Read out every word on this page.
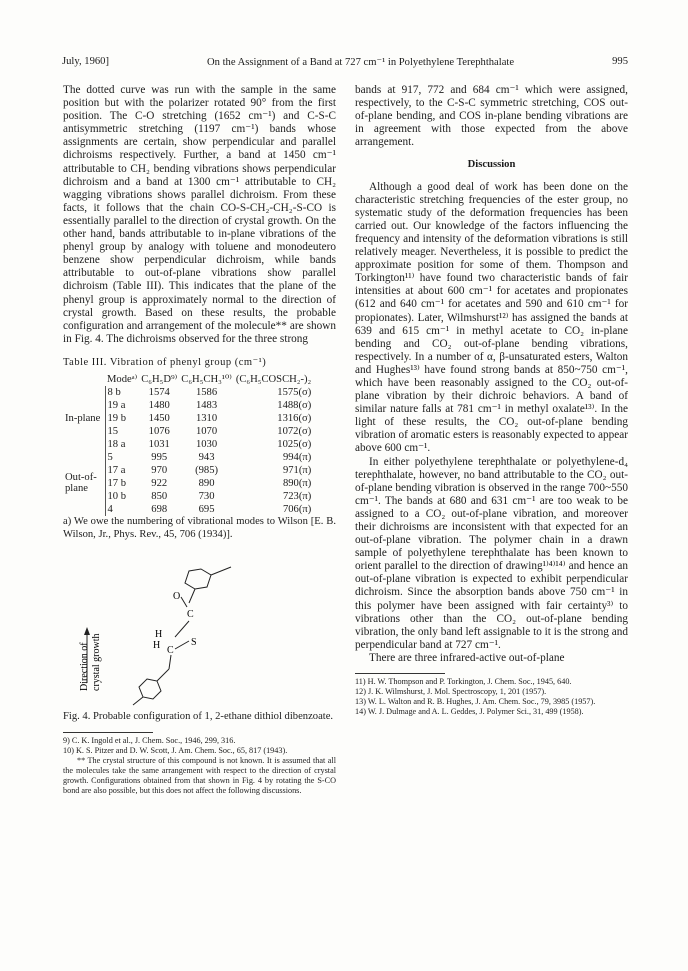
July, 1960]	On the Assignment of a Band at 727 cm⁻¹ in Polyethylene Terephthalate	995

The dotted curve was run with the sample in the same position but with the polarizer rotated 90° from the first position. The C-O stretching (1652 cm⁻¹) and C-S-C antisymmetric stretching (1197 cm⁻¹) bands whose assignments are certain, show perpendicular and parallel dichroisms respectively. Further, a band at 1450 cm⁻¹ attributable to CH₂ bending vibrations shows perpendicular dichroism and a band at 1300 cm⁻¹ attributable to CH₂ wagging vibrations shows parallel dichroism. From these facts, it follows that the chain CO-S-CH₂-CH₂-S-CO is essentially parallel to the direction of crystal growth. On the other hand, bands attributable to in-plane vibrations of the phenyl group by analogy with toluene and monodeutero benzene show perpendicular dichroism, while bands attributable to out-of-plane vibrations show parallel dichroism (Table III). This indicates that the plane of the phenyl group is approximately normal to the direction of crystal growth. Based on these results, the probable configuration and arrangement of the molecule** are shown in Fig. 4. The dichroisms observed for the three strong

Table III. Vibration of phenyl group (cm⁻¹)
	Modeᵃ⁾	C₆H₅D⁹⁾	C₆H₅CH₃¹⁰⁾	(C₆H₅COSCH₂-)₂
In-plane	8 b	1574	1586	1575(σ)
	19 a	1480	1483	1488(σ)
	19 b	1450	1310	1316(σ)
	15	1076	1070	1072(σ)
	18 a	1031	1030	1025(σ)
Out-of-plane	5	995	943	994(π)
	17 a	970	(985)	971(π)
	17 b	922	890	890(π)
	10 b	850	730	723(π)
	4	698	695	706(π)

a) We owe the numbering of vibrational modes to Wilson [E. B. Wilson, Jr., Phys. Rev., 45, 706 (1934)].

Direction of crystal growth
O
C
H
H C
S

Fig. 4. Probable configuration of 1, 2-ethane dithiol dibenzoate.

9) C. K. Ingold et al., J. Chem. Soc., 1946, 299, 316.

10) K. S. Pitzer and D. W. Scott, J. Am. Chem. Soc., 65, 817 (1943).

** The crystal structure of this compound is not known. It is assumed that all the molecules take the same arrangement with respect to the direction of crystal growth. Configurations obtained from that shown in Fig. 4 by rotating the S-CO bond are also possible, but this does not affect the following discussions.

bands at 917, 772 and 684 cm⁻¹ which were assigned, respectively, to the C-S-C symmetric stretching, COS out-of-plane bending, and COS in-plane bending vibrations are in agreement with those expected from the above arrangement.

Discussion

Although a good deal of work has been done on the characteristic stretching frequencies of the ester group, no systematic study of the deformation frequencies has been carried out. Our knowledge of the factors influencing the frequency and intensity of the deformation vibrations is still relatively meager. Nevertheless, it is possible to predict the approximate position for some of them. Thompson and Torkington¹¹⁾ have found two characteristic bands of fair intensities at about 600 cm⁻¹ for acetates and propionates (612 and 640 cm⁻¹ for acetates and 590 and 610 cm⁻¹ for propionates). Later, Wilmshurst¹²⁾ has assigned the bands at 639 and 615 cm⁻¹ in methyl acetate to CO₂ in-plane bending and CO₂ out-of-plane bending vibrations, respectively. In a number of α, β-unsaturated esters, Walton and Hughes¹³⁾ have found strong bands at 850~750 cm⁻¹, which have been reasonably assigned to the CO₂ out-of-plane vibration by their dichroic behaviors. A band of similar nature falls at 781 cm⁻¹ in methyl oxalate¹³⁾. In the light of these results, the CO₂ out-of-plane bending vibration of aromatic esters is reasonably expected to appear above 600 cm⁻¹.

In either polyethylene terephthalate or polyethylene-d₄ terephthalate, however, no band attributable to the CO₂ out-of-plane bending vibration is observed in the range 700~550 cm⁻¹. The bands at 680 and 631 cm⁻¹ are too weak to be assigned to a CO₂ out-of-plane vibration, and moreover their dichroisms are inconsistent with that expected for an out-of-plane vibration. The polymer chain in a drawn sample of polyethylene terephthalate has been known to orient parallel to the direction of drawing¹⁾⁴⁾¹⁴⁾ and hence an out-of-plane vibration is expected to exhibit perpendicular dichroism. Since the absorption bands above 750 cm⁻¹ in this polymer have been assigned with fair certainty³⁾ to vibrations other than the CO₂ out-of-plane bending vibration, the only band left assignable to it is the strong and perpendicular band at 727 cm⁻¹.

There are three infrared-active out-of-plane

11) H. W. Thompson and P. Torkington, J. Chem. Soc., 1945, 640.

12) J. K. Wilmshurst, J. Mol. Spectroscopy, 1, 201 (1957).

13) W. L. Walton and R. B. Hughes, J. Am. Chem. Soc., 79, 3985 (1957).

14) W. J. Dulmage and A. L. Geddes, J. Polymer Sci., 31, 499 (1958).
